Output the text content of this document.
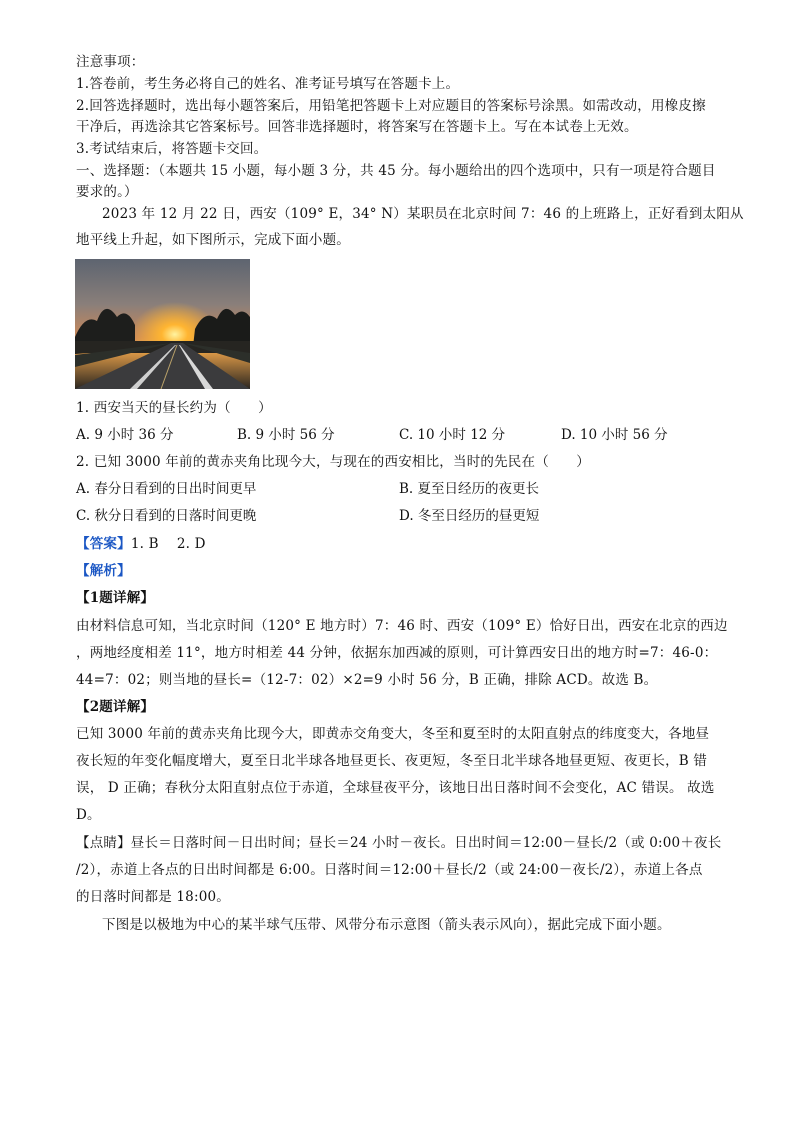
注意事项：
1.答卷前，考生务必将自己的姓名、准考证号填写在答题卡上。
2.回答选择题时，选出每小题答案后，用铅笔把答题卡上对应题目的答案标号涂黑。如需改动，用橡皮擦
干净后，再选涂其它答案标号。回答非选择题时，将答案写在答题卡上。写在本试卷上无效。
3.考试结束后，将答题卡交回。
一、选择题：（本题共 15 小题，每小题 3 分，共 45 分。每小题给出的四个选项中，只有一项是符合题目
要求的。）
2023 年 12 月 22 日，西安（109° E，34° N）某职员在北京时间 7：46 的上班路上，正好看到太阳从
地平线上升起，如下图所示，完成下面小题。
1. 西安当天的昼长约为（　　）
A. 9 小时 36 分	B. 9 小时 56 分	C. 10 小时 12 分	D. 10 小时 56 分
2. 已知 3000 年前的黄赤夹角比现今大，与现在的西安相比，当时的先民在（　　）
A. 春分日看到的日出时间更早	B. 夏至日经历的夜更长
C. 秋分日看到的日落时间更晚	D. 冬至日经历的昼更短
【答案】1. B　 2. D
【解析】
【1题详解】
由材料信息可知，当北京时间（120° E 地方时）7：46 时、西安（109° E）恰好日出，西安在北京的西边
，两地经度相差 11°，地方时相差 44 分钟，依据东加西减的原则，可计算西安日出的地方时=7：46-0：
44=7：02；则当地的昼长=（12-7：02）×2=9 小时 56 分，B 正确，排除 ACD。故选 B。
【2题详解】
已知 3000 年前的黄赤夹角比现今大，即黄赤交角变大，冬至和夏至时的太阳直射点的纬度变大，各地昼
夜长短的年变化幅度增大，夏至日北半球各地昼更长、夜更短，冬至日北半球各地昼更短、夜更长，B 错
误， D 正确；春秋分太阳直射点位于赤道，全球昼夜平分，该地日出日落时间不会变化，AC 错误。 故选
D。
【点睛】昼长＝日落时间－日出时间；昼长＝24 小时－夜长。日出时间＝12:00－昼长/2（或 0:00＋夜长
/2），赤道上各点的日出时间都是 6:00。日落时间＝12:00＋昼长/2（或 24:00－夜长/2），赤道上各点
的日落时间都是 18:00。
下图是以极地为中心的某半球气压带、风带分布示意图（箭头表示风向），据此完成下面小题。
